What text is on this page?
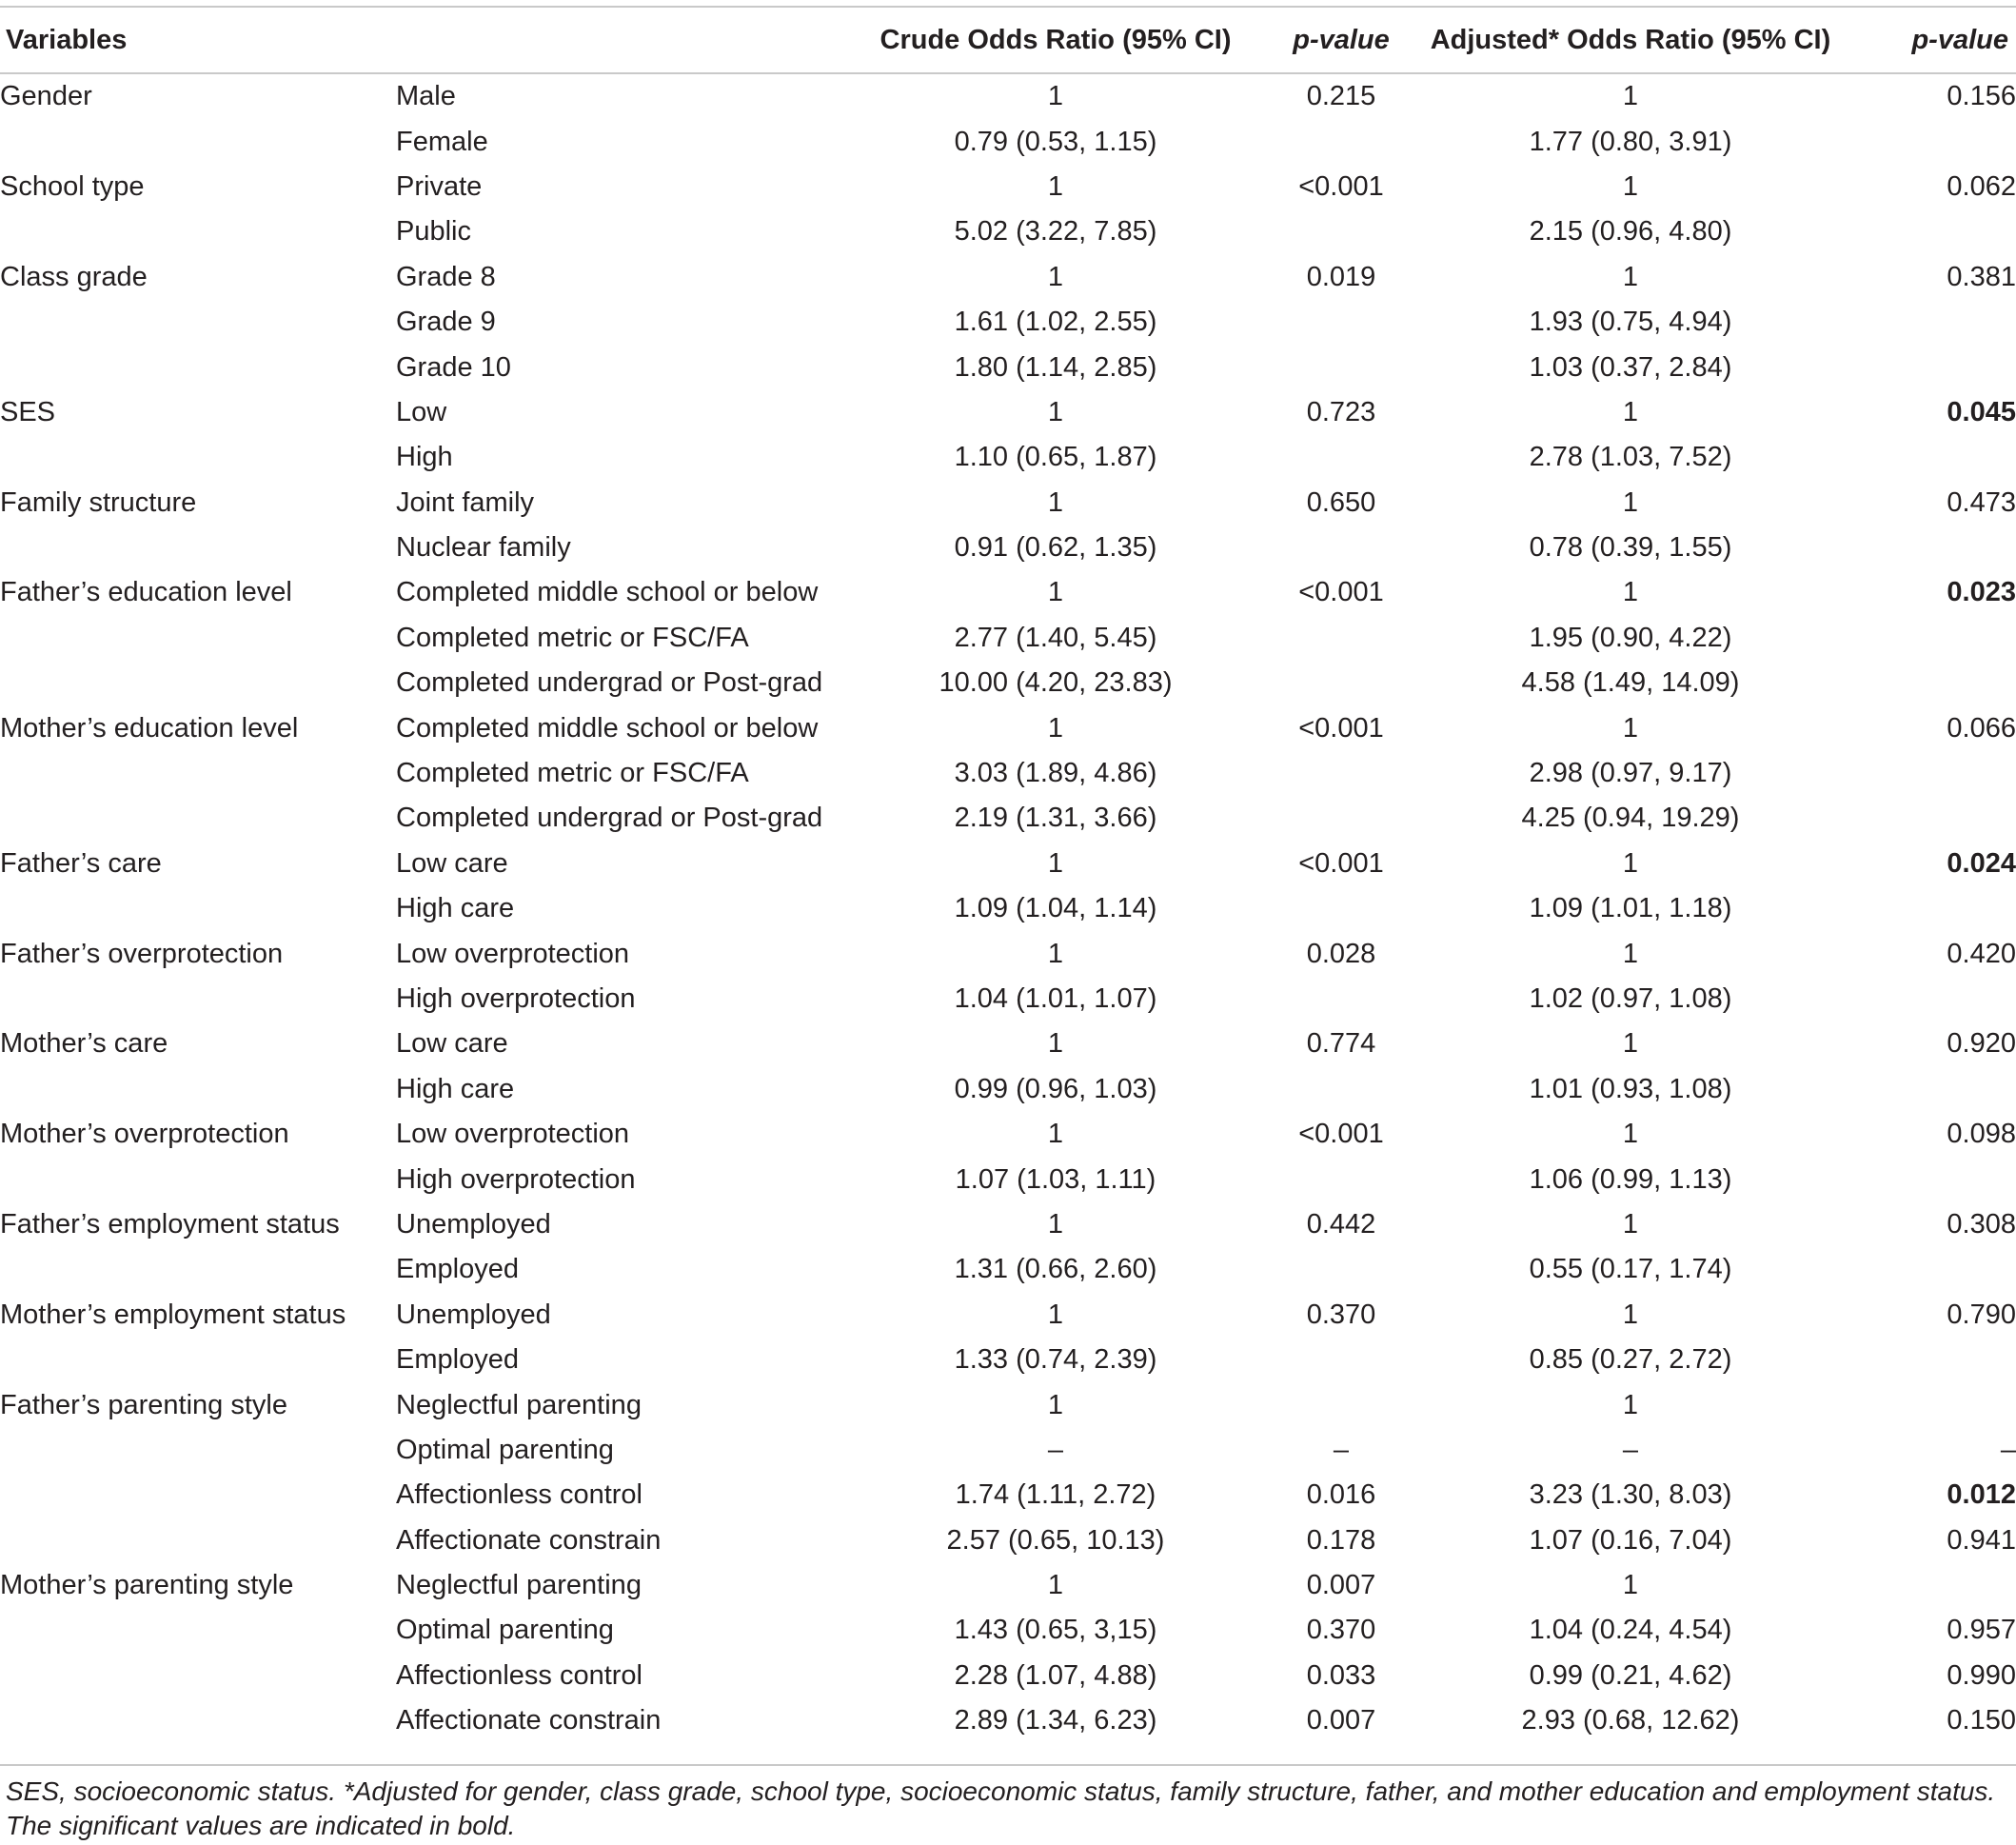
Variables		Crude Odds Ratio (95% CI)	p-value	Adjusted* Odds Ratio (95% CI)	p-value
Gender	Male	1	0.215	1	0.156
	Female	0.79 (0.53, 1.15)		1.77 (0.80, 3.91)	
School type	Private	1	<0.001	1	0.062
	Public	5.02 (3.22, 7.85)		2.15 (0.96, 4.80)	
Class grade	Grade 8	1	0.019	1	0.381
	Grade 9	1.61 (1.02, 2.55)		1.93 (0.75, 4.94)	
	Grade 10	1.80 (1.14, 2.85)		1.03 (0.37, 2.84)	
SES	Low	1	0.723	1	0.045
	High	1.10 (0.65, 1.87)		2.78 (1.03, 7.52)	
Family structure	Joint family	1	0.650	1	0.473
	Nuclear family	0.91 (0.62, 1.35)		0.78 (0.39, 1.55)	
Father’s education level	Completed middle school or below	1	<0.001	1	0.023
	Completed metric or FSC/FA	2.77 (1.40, 5.45)		1.95 (0.90, 4.22)	
	Completed undergrad or Post-grad	10.00 (4.20, 23.83)		4.58 (1.49, 14.09)	
Mother’s education level	Completed middle school or below	1	<0.001	1	0.066
	Completed metric or FSC/FA	3.03 (1.89, 4.86)		2.98 (0.97, 9.17)	
	Completed undergrad or Post-grad	2.19 (1.31, 3.66)		4.25 (0.94, 19.29)	
Father’s care	Low care	1	<0.001	1	0.024
	High care	1.09 (1.04, 1.14)		1.09 (1.01, 1.18)	
Father’s overprotection	Low overprotection	1	0.028	1	0.420
	High overprotection	1.04 (1.01, 1.07)		1.02 (0.97, 1.08)	
Mother’s care	Low care	1	0.774	1	0.920
	High care	0.99 (0.96, 1.03)		1.01 (0.93, 1.08)	
Mother’s overprotection	Low overprotection	1	<0.001	1	0.098
	High overprotection	1.07 (1.03, 1.11)		1.06 (0.99, 1.13)	
Father’s employment status	Unemployed	1	0.442	1	0.308
	Employed	1.31 (0.66, 2.60)		0.55 (0.17, 1.74)	
Mother’s employment status	Unemployed	1	0.370	1	0.790
	Employed	1.33 (0.74, 2.39)		0.85 (0.27, 2.72)	
Father’s parenting style	Neglectful parenting	1		1	
	Optimal parenting	–	–	–	–
	Affectionless control	1.74 (1.11, 2.72)	0.016	3.23 (1.30, 8.03)	0.012
	Affectionate constrain	2.57 (0.65, 10.13)	0.178	1.07 (0.16, 7.04)	0.941
Mother’s parenting style	Neglectful parenting	1	0.007	1	
	Optimal parenting	1.43 (0.65, 3,15)	0.370	1.04 (0.24, 4.54)	0.957
	Affectionless control	2.28 (1.07, 4.88)	0.033	0.99 (0.21, 4.62)	0.990
	Affectionate constrain	2.89 (1.34, 6.23)	0.007	2.93 (0.68, 12.62)	0.150

SES, socioeconomic status. *Adjusted for gender, class grade, school type, socioeconomic status, family structure, father, and mother education and employment status.

The significant values are indicated in bold.
